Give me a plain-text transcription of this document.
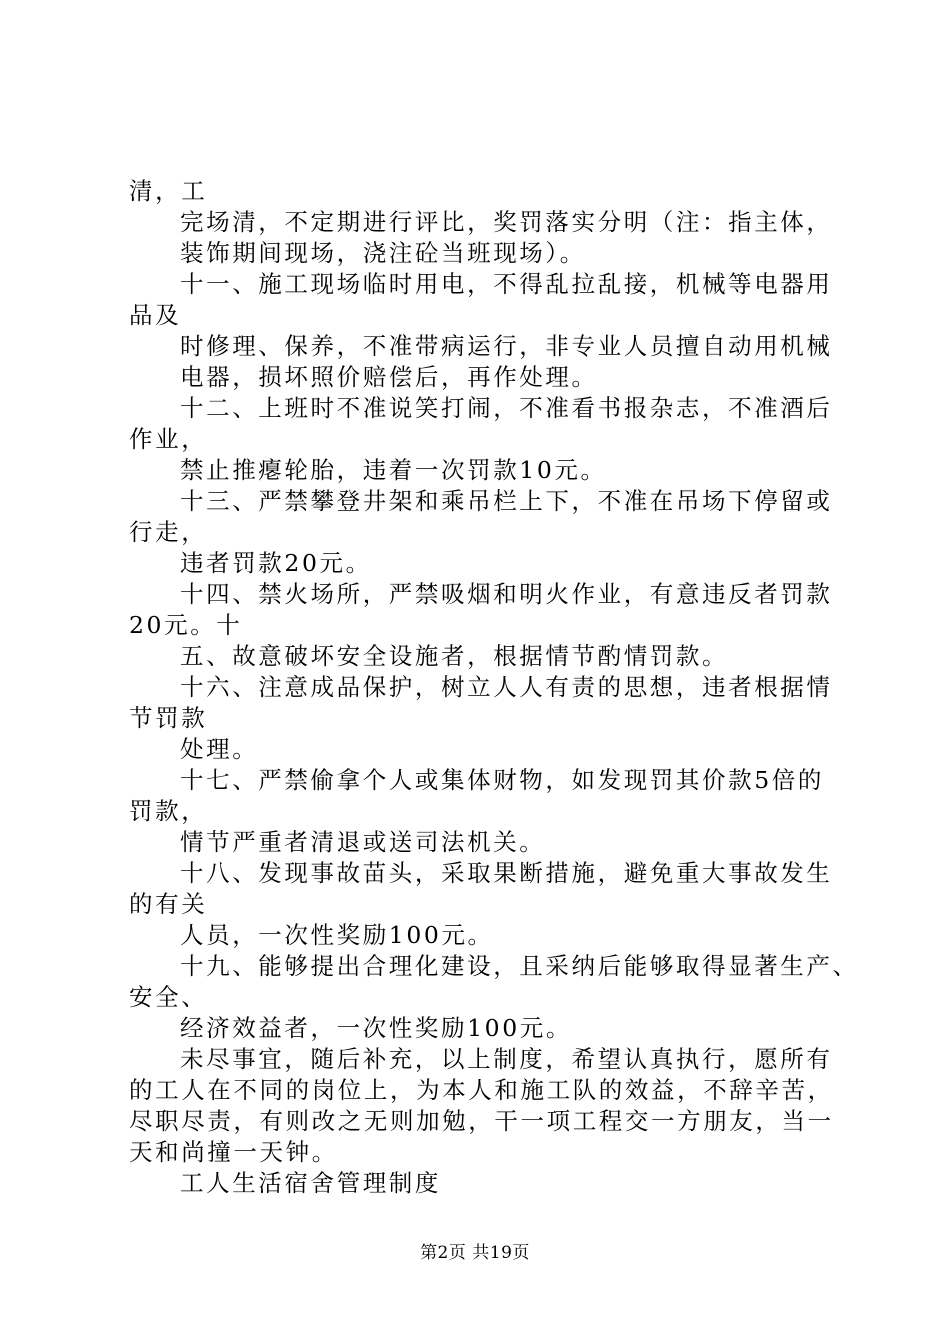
清，工
完场清，不定期进行评比，奖罚落实分明（注：指主体，
装饰期间现场，浇注砼当班现场）。
十一、施工现场临时用电，不得乱拉乱接，机械等电器用
品及
时修理、保养，不准带病运行，非专业人员擅自动用机械
电器，损坏照价赔偿后，再作处理。
十二、上班时不准说笑打闹，不准看书报杂志，不准酒后
作业，
禁止推瘪轮胎，违着一次罚款10元。
十三、严禁攀登井架和乘吊栏上下，不准在吊场下停留或
行走，
违者罚款20元。
十四、禁火场所，严禁吸烟和明火作业，有意违反者罚款
20元。十
五、故意破坏安全设施者，根据情节酌情罚款。
十六、注意成品保护，树立人人有责的思想，违者根据情
节罚款
处理。
十七、严禁偷拿个人或集体财物，如发现罚其价款5倍的
罚款，
情节严重者清退或送司法机关。
十八、发现事故苗头，采取果断措施，避免重大事故发生
的有关
人员，一次性奖励100元。
十九、能够提出合理化建设，且采纳后能够取得显著生产、
安全、
经济效益者，一次性奖励100元。
未尽事宜，随后补充，以上制度，希望认真执行，愿所有
的工人在不同的岗位上，为本人和施工队的效益，不辞辛苦，
尽职尽责，有则改之无则加勉，干一项工程交一方朋友，当一
天和尚撞一天钟。
工人生活宿舍管理制度
第2页 共19页
